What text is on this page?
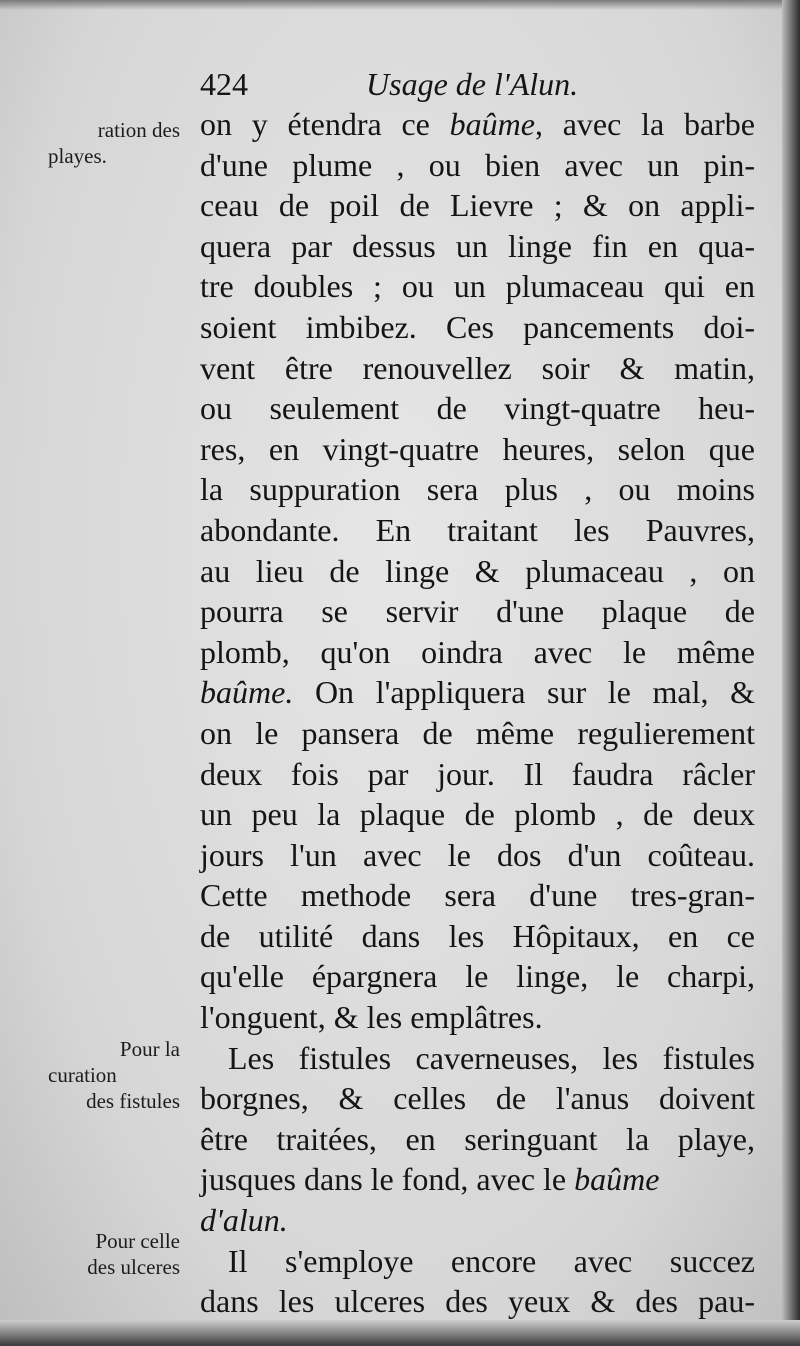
424	Usage de l'Alun.
ration des
playes.
Pour la
curation
des fistules
Pour celle
des ulceres
on y étendra ce baûme, avec la barbe
d'une plume , ou bien avec un pin-
ceau de poil de Lievre ; & on appli-
quera par dessus un linge fin en qua-
tre doubles ; ou un plumaceau qui en
soient imbibez. Ces pancements doi-
vent être renouvellez soir & matin,
ou seulement de vingt-quatre heu-
res, en vingt-quatre heures, selon que
la suppuration sera plus , ou moins
abondante. En traitant les Pauvres,
au lieu de linge & plumaceau , on
pourra se servir d'une plaque de
plomb, qu'on oindra avec le même
baûme. On l'appliquera sur le mal, &
on le pansera de même regulierement
deux fois par jour. Il faudra râcler
un peu la plaque de plomb , de deux
jours l'un avec le dos d'un coûteau.
Cette methode sera d'une tres-gran-
de utilité dans les Hôpitaux, en ce
qu'elle épargnera le linge, le charpi,
l'onguent, & les emplâtres.
Les fistules caverneuses, les fistules
borgnes, & celles de l'anus doivent
être traitées, en seringuant la playe,
jusques dans le fond, avec le baûme
d'alun.
Il s'employe encore avec succez
dans les ulceres des yeux & des pau-
